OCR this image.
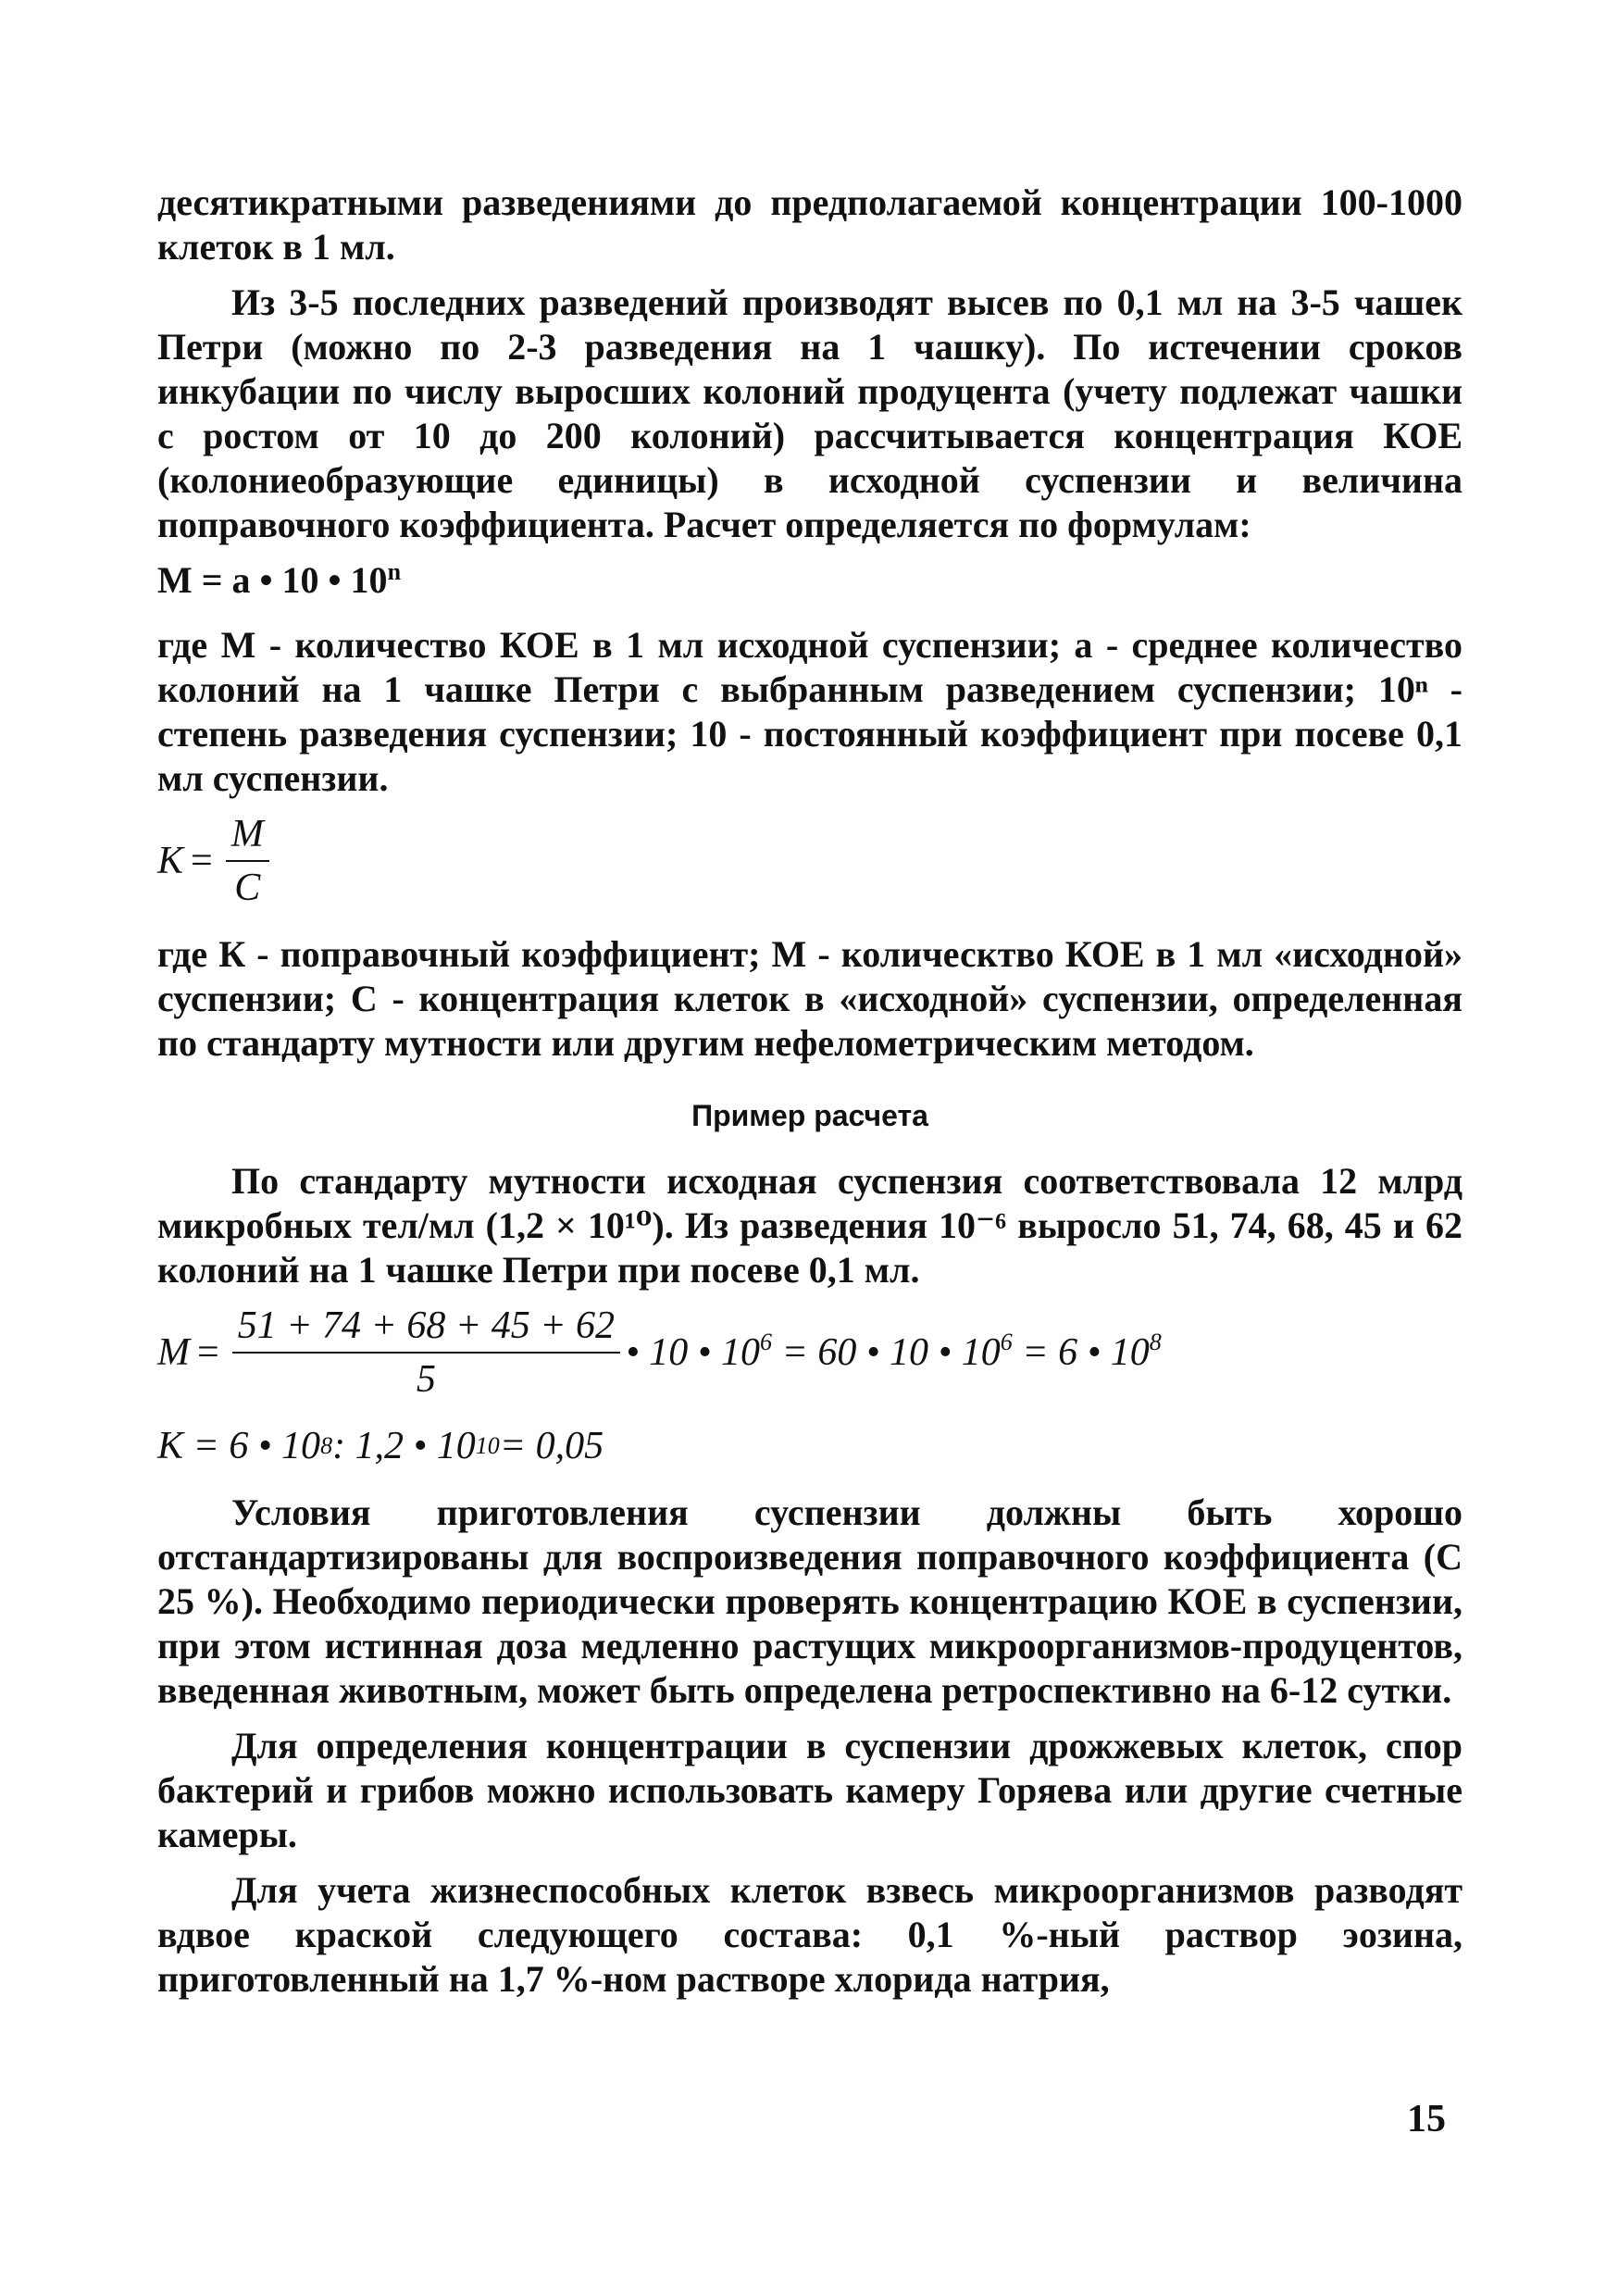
десятикратными разведениями до предполагаемой концентрации 100-1000 клеток в 1 мл.

Из 3-5 последних разведений производят высев по 0,1 мл на 3-5 чашек Петри (можно по 2-3 разведения на 1 чашку). По истечении сроков инкубации по числу выросших колоний продуцента (учету подлежат чашки с ростом от 10 до 200 колоний) рассчитывается концентрация КОЕ (колониеобразующие единицы) в исходной суспензии и величина поправочного коэффициента. Расчет определяется по формулам:

M = a • 10 • 10$^n$

где M - количество КОЕ в 1 мл исходной суспензии; а - среднее количество колоний на 1 чашке Петри с выбранным разведением суспензии; 10ⁿ - степень разведения суспензии; 10 - постоянный коэффициент при посеве 0,1 мл суспензии.

$K = \frac{M}{C}$

где К - поправочный коэффициент; М - колическтво КОЕ в 1 мл «исходной» суспензии; С - концентрация клеток в «исходной» суспензии, определенная по стандарту мутности или другим нефелометрическим методом.

Пример расчета

По стандарту мутности исходная суспензия соответствовала 12 млрд микробных тел/мл (1,2 × 10¹⁰). Из разведения 10⁻⁶ выросло 51, 74, 68, 45 и 62 колоний на 1 чашке Петри при посеве 0,1 мл.

$M = \frac{51 + 74 + 68 + 45 + 62}{5}$ • 10 • $10^6 = 60$ • 10 • $10^6 = 6$ • $10^8$
K = 6 • 10 8 : 1,2 • 10 10 = 0,05

Условия приготовления суспензии должны быть хорошо отстандартизированы для воспроизведения поправочного коэффициента (С 25 %). Необходимо периодически проверять концентрацию КОЕ в суспензии, при этом истинная доза медленно растущих микроорганизмов-продуцентов, введенная животным, может быть определена ретроспективно на 6-12 сутки.

Для определения концентрации в суспензии дрожжевых клеток, спор бактерий и грибов можно использовать камеру Горяева или другие счетные камеры.

Для учета жизнеспособных клеток взвесь микроорганизмов разводят вдвое краской следующего состава: 0,1 %-ный раствор эозина, приготовленный на 1,7 %-ном растворе хлорида натрия,

15
